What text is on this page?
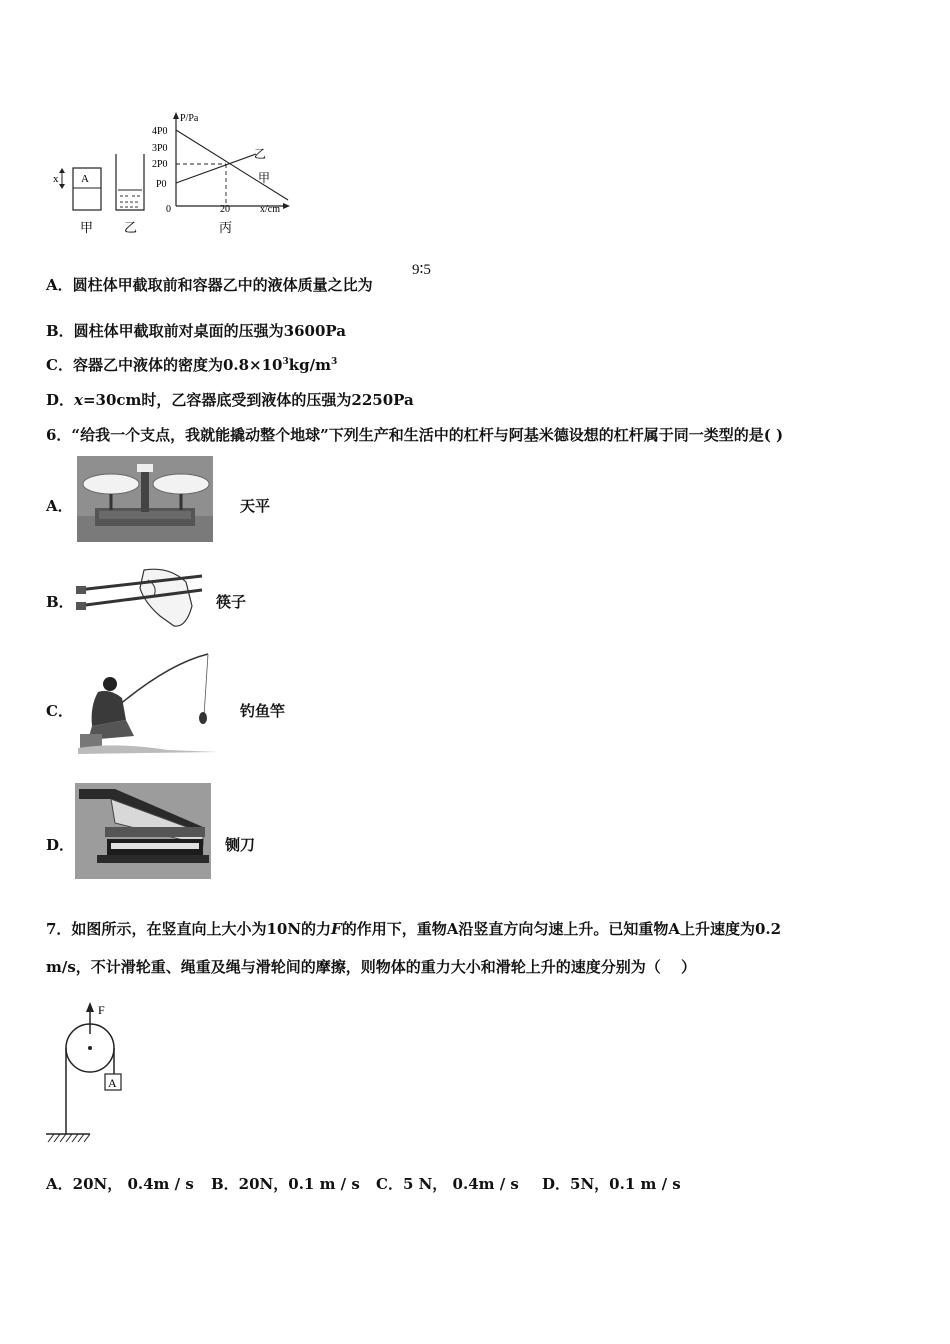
x A
甲 乙
P/Pa
4P0
3P0
2P0
P0
0	20	x/cm
乙
甲
丙
A．圆柱体甲截取前和容器乙中的液体质量之比为
9∶5
B．圆柱体甲截取前对桌面的压强为3600Pa
C．容器乙中液体的密度为$0.8\times 10^3kg/m^3$
D．x=30cm时，乙容器底受到液体的压强为2250Pa
6．“给我一个支点，我就能撬动整个地球”下列生产和生活中的杠杆与阿基米德设想的杠杆属于同一类型的是( )
A．	天平
B．	筷子
C．	钓鱼竿
D．	铡刀
7．如图所示，在竖直向上大小为10N的力F的作用下，重物A沿竖直方向匀速上升。已知重物A上升速度为0.2
m/s，不计滑轮重、绳重及绳与滑轮间的摩擦，则物体的重力大小和滑轮上升的速度分别为（　 ）
F
A
A．20N， 0.4m / s B．20N，0.1 m / s C．5 N， 0.4m / s D．5N，0.1 m / s
